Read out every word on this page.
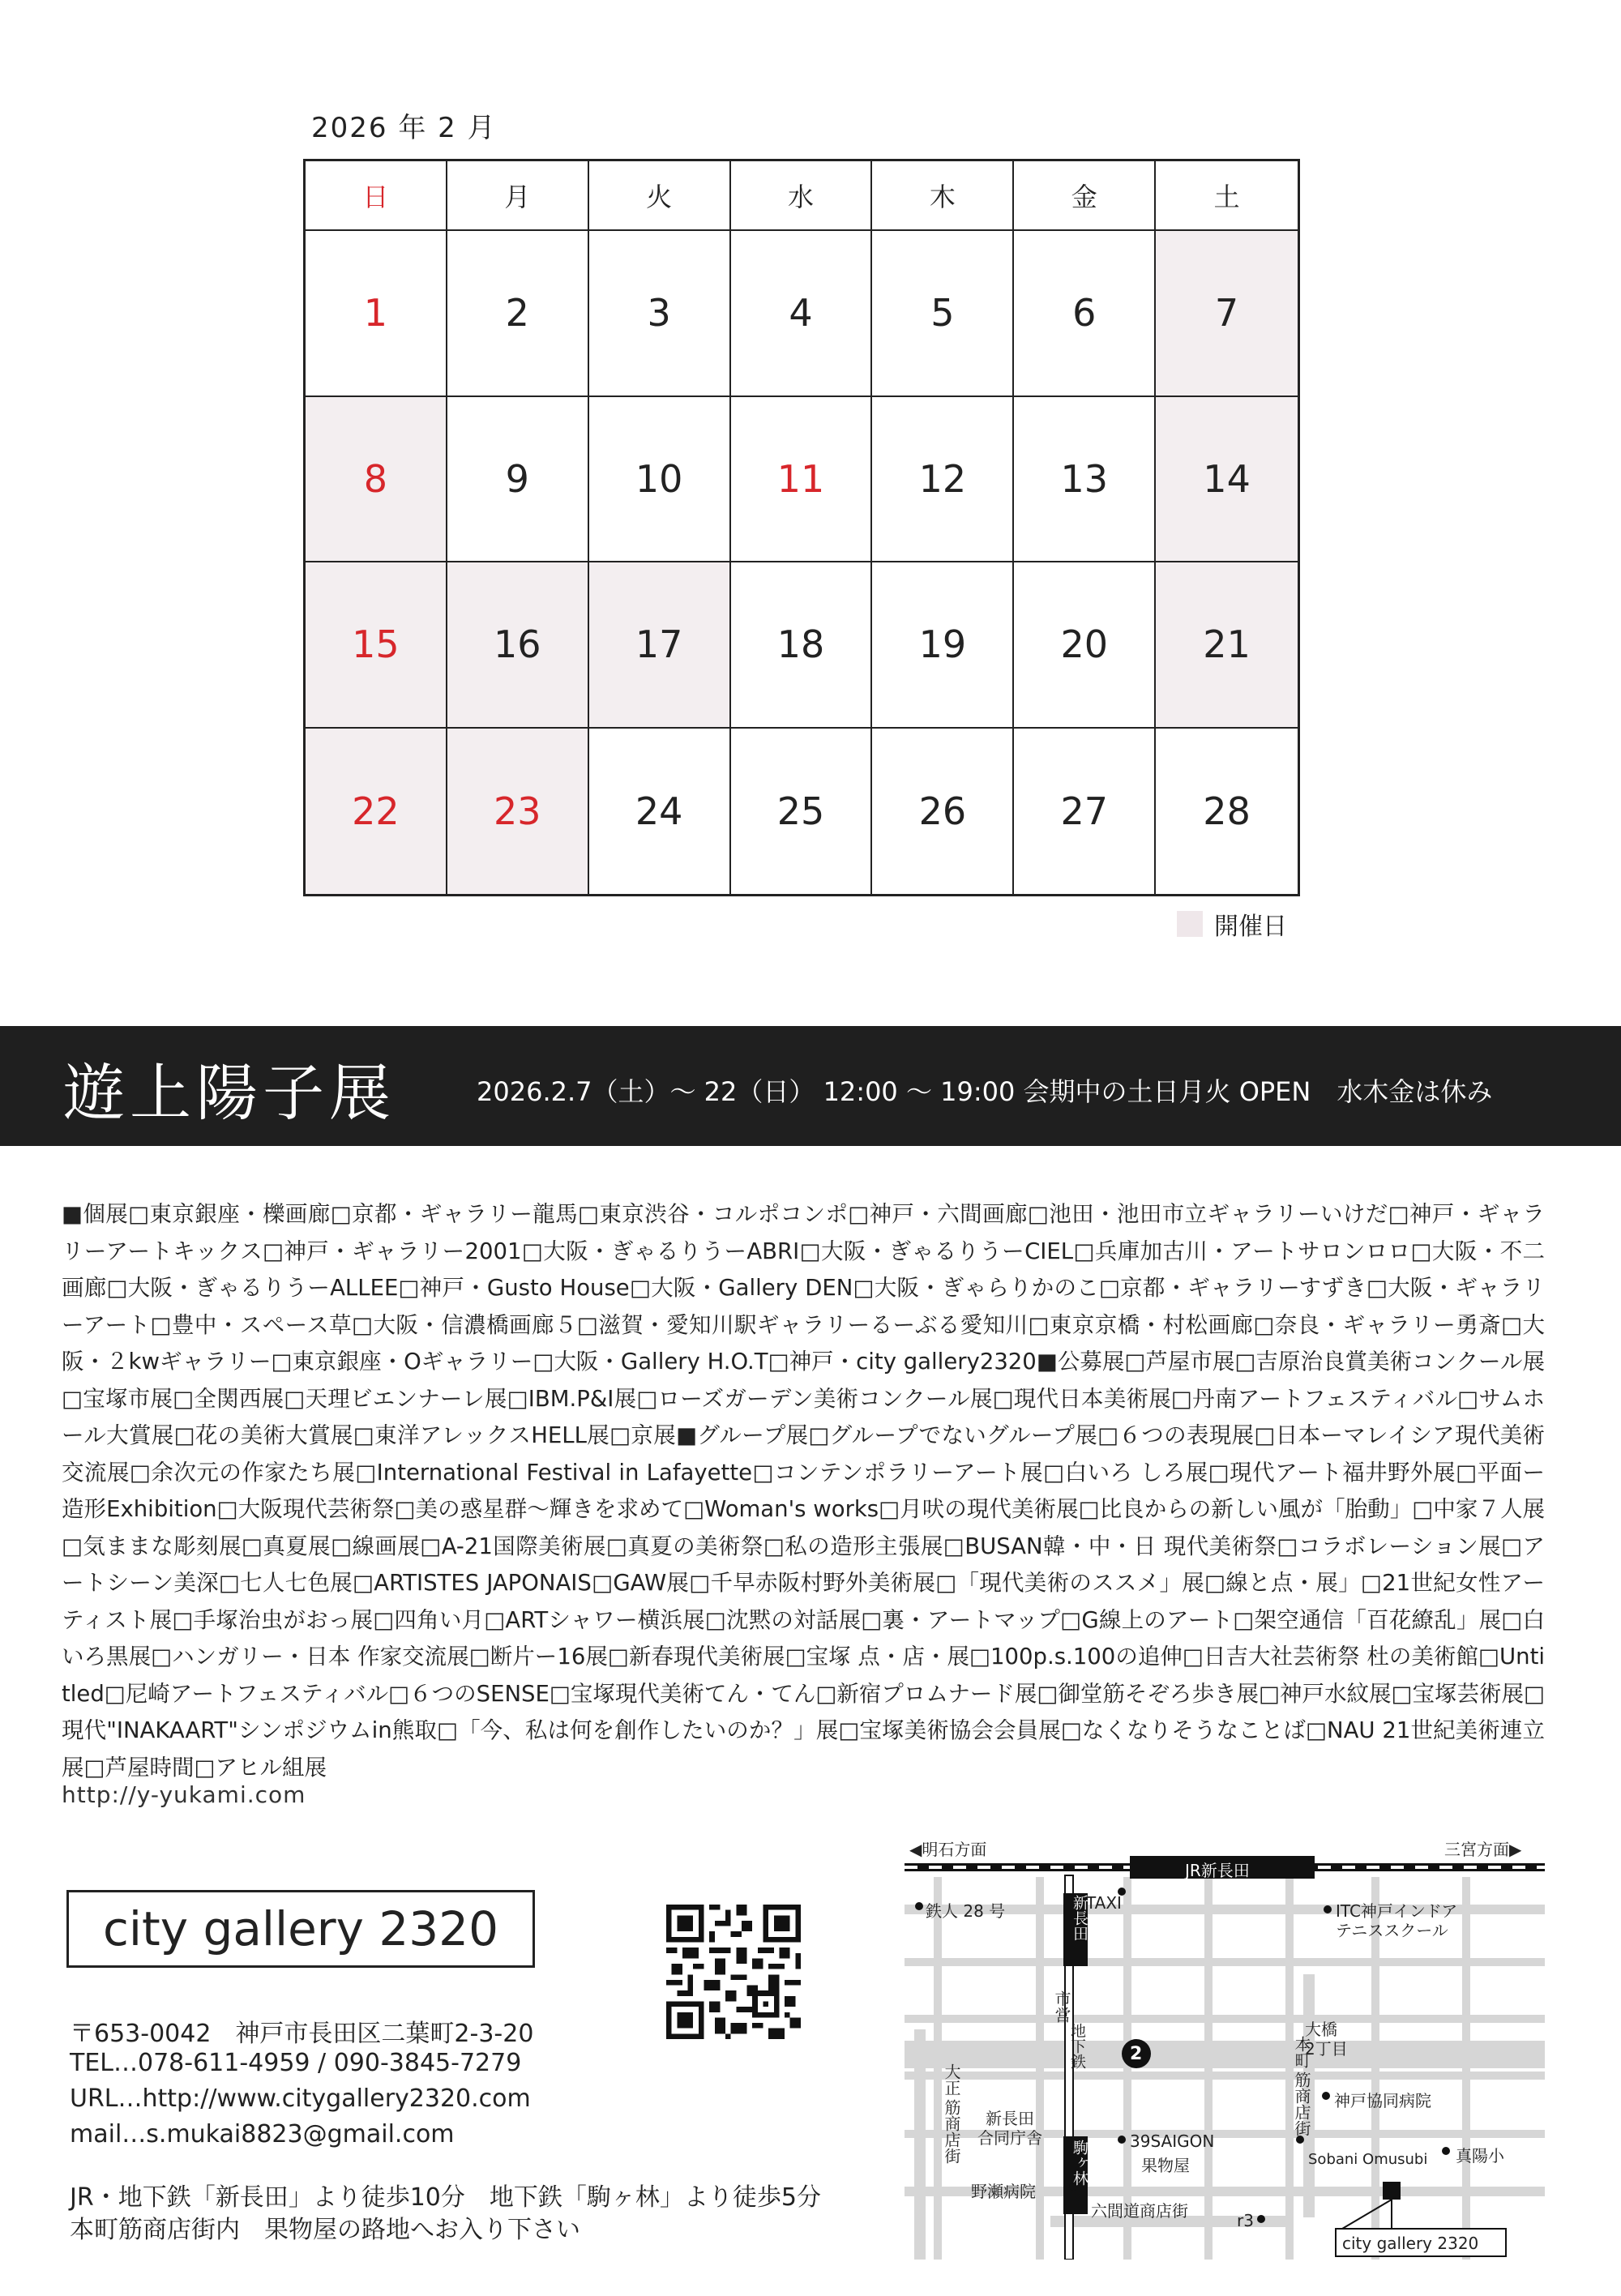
2026 年 2 月
日	月	火	水	木	金	土
1	2	3	4	5	6	7
8	9	10	11	12	13	14
15	16	17	18	19	20	21
22	23	24	25	26	27	28
開催日
遊上陽子展	2026.2.7（土）～ 22（日） 12:00 ～ 19:00 会期中の土日月火 OPEN　水木金は休み
■個展□東京銀座・櫟画廊□京都・ギャラリー龍馬□東京渋谷・コルポコンポ□神戸・六間画廊□池田・池田市立ギャラリーいけだ□神戸・ギャラリーアートキックス□神戸・ギャラリー2001□大阪・ぎゃるりうーABRI□大阪・ぎゃるりうーCIEL□兵庫加古川・アートサロンロロ□大阪・不二画廊□大阪・ぎゃるりうーALLEE□神戸・Gusto House□大阪・Gallery DEN□大阪・ぎゃらりかのこ□京都・ギャラリーすずき□大阪・ギャラリーアート□豊中・スペース草□大阪・信濃橋画廊５□滋賀・愛知川駅ギャラリーるーぶる愛知川□東京京橋・村松画廊□奈良・ギャラリー勇斎□大阪・２kwギャラリー□東京銀座・Oギャラリー□大阪・Gallery H.O.T□神戸・city gallery2320■公募展□芦屋市展□吉原治良賞美術コンクール展□宝塚市展□全関西展□天理ビエンナーレ展□IBM.P&I展□ローズガーデン美術コンクール展□現代日本美術展□丹南アートフェスティバル□サムホール大賞展□花の美術大賞展□東洋アレックスHELL展□京展■グループ展□グループでないグループ展□６つの表現展□日本ーマレイシア現代美術交流展□余次元の作家たち展□International Festival in Lafayette□コンテンポラリーアート展□白いろ しろ展□現代アート福井野外展□平面ー造形Exhibition□大阪現代芸術祭□美の惑星群～輝きを求めて□Woman's works□月吠の現代美術展□比良からの新しい風が「胎動」□中家７人展□気ままな彫刻展□真夏展□線画展□A-21国際美術展□真夏の美術祭□私の造形主張展□BUSAN韓・中・日 現代美術祭□コラボレーション展□アートシーン美深□七人七色展□ARTISTES JAPONAIS□GAW展□千早赤阪村野外美術展□「現代美術のススメ」展□線と点・展」□21世紀女性アーティスト展□手塚治虫がおっ展□四角い月□ARTシャワー横浜展□沈黙の対話展□裏・アートマップ□G線上のアート□架空通信「百花繚乱」展□白いろ黒展□ハンガリー・日本 作家交流展□断片ー16展□新春現代美術展□宝塚 点・店・展□100p.s.100の追伸□日吉大社芸術祭 杜の美術館□Untitled□尼崎アートフェスティバル□６つのSENSE□宝塚現代美術てん・てん□新宿プロムナード展□御堂筋そぞろ歩き展□神戸水紋展□宝塚芸術展□現代"INAKAART"シンポジウムin熊取□「今、私は何を創作したいのか？」展□宝塚美術協会会員展□なくなりそうなことば□NAU 21世紀美術連立展□芦屋時間□アヒル組展
http://y-yukami.com
city gallery 2320
〒653-0042　神戸市長田区二葉町2-3-20
TEL…078-611-4959 / 090-3845-7279
URL…http://www.citygallery2320.com
mail…s.mukai8823@gmail.com
JR・地下鉄「新長田」より徒歩10分　地下鉄「駒ヶ林」より徒歩5分
本町筋商店街内　果物屋の路地へお入り下さい
◀明石方面	三宮方面▶
JR新長田
新長田
駒ヶ林
TAXI
鉄人 28 号	ITC神戸インドア
テニススクール
2
大橋
2丁目
市営
地下鉄
大正
筋商店街
本町
筋商店街
新長田
合同庁舎
神戸協同病院
真陽小
39SAIGON
果物屋	Sobani Omusubi
野瀬病院
六間道商店街	r3
city gallery 2320
